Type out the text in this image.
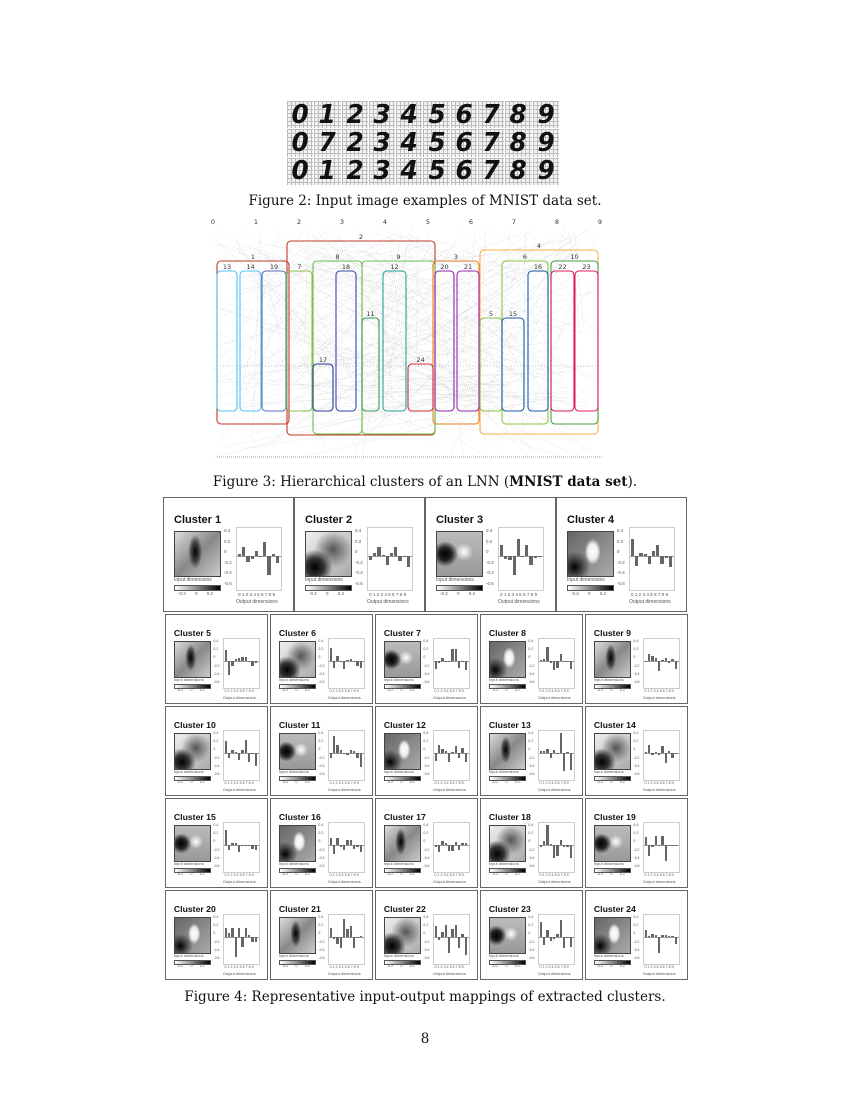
0 1 2 3 4 5 6 7 8 9
0 7 2 3 4 5 6 7 8 9
0 1 2 3 4 5 6 7 8 9
Figure 2: Input image examples of MNIST data set.
0	1	2	3	4	5	6	7	8	9
2
4
1	8	9	3	6	10
13 14 19	7	18	12	20 21	16 22 23
11	5 15
17	24
Figure 3: Hierarchical clusters of an LNN (MNIST data set).
Cluster 1
Input dimensions
-0.2 0 0.2
0.4
0.2
0
-0.2
-0.4
-0.6
0 1 2 3 4 5 6 7 8 9
Output dimensions
Cluster 2
Input dimensions
-0.2 0 0.2
0.4
0.2
0
-0.2
-0.4
-0.6
0 1 2 3 4 5 6 7 8 9
Output dimensions
Cluster 3
Input dimensions
-0.2 0 0.2
0.4
0.2
0
-0.2
-0.4
-0.6
0 1 2 3 4 5 6 7 8 9
Output dimensions
Cluster 4
Input dimensions
-0.2 0 0.2
0.4
0.2
0
-0.2
-0.4
-0.6
0 1 2 3 4 5 6 7 8 9
Output dimensions
Cluster 5
Input dimensions
-0.2 0 0.2
0.4
0.2
0
-0.2
-0.4
-0.6
0 1 2 3 4 5 6 7 8 9
Output dimensions
Cluster 6
Input dimensions
-0.2 0 0.2
0.4
0.2
0
-0.2
-0.4
-0.6
0 1 2 3 4 5 6 7 8 9
Output dimensions
Cluster 7
Input dimensions
-0.2 0 0.2
0.4
0.2
0
-0.2
-0.4
-0.6
0 1 2 3 4 5 6 7 8 9
Output dimensions
Cluster 8
Input dimensions
-0.2 0 0.2
0.4
0.2
0
-0.2
-0.4
-0.6
0 1 2 3 4 5 6 7 8 9
Output dimensions
Cluster 9
Input dimensions
-0.2 0 0.2
0.4
0.2
0
-0.2
-0.4
-0.6
0 1 2 3 4 5 6 7 8 9
Output dimensions
Cluster 10
Input dimensions
-0.2 0 0.2
0.4
0.2
0
-0.2
-0.4
-0.6
0 1 2 3 4 5 6 7 8 9
Output dimensions
Cluster 11
Input dimensions
-0.2 0 0.2
0.4
0.2
0
-0.2
-0.4
-0.6
0 1 2 3 4 5 6 7 8 9
Output dimensions
Cluster 12
Input dimensions
-0.2 0 0.2
0.4
0.2
0
-0.2
-0.4
-0.6
0 1 2 3 4 5 6 7 8 9
Output dimensions
Cluster 13
Input dimensions
-0.2 0 0.2
0.4
0.2
0
-0.2
-0.4
-0.6
0 1 2 3 4 5 6 7 8 9
Output dimensions
Cluster 14
Input dimensions
-0.2 0 0.2
0.4
0.2
0
-0.2
-0.4
-0.6
0 1 2 3 4 5 6 7 8 9
Output dimensions
Cluster 15
Input dimensions
-0.2 0 0.2
0.4
0.2
0
-0.2
-0.4
-0.6
0 1 2 3 4 5 6 7 8 9
Output dimensions
Cluster 16
Input dimensions
-0.2 0 0.2
0.4
0.2
0
-0.2
-0.4
-0.6
0 1 2 3 4 5 6 7 8 9
Output dimensions
Cluster 17
Input dimensions
-0.2 0 0.2
0.4
0.2
0
-0.2
-0.4
-0.6
0 1 2 3 4 5 6 7 8 9
Output dimensions
Cluster 18
Input dimensions
-0.2 0 0.2
0.4
0.2
0
-0.2
-0.4
-0.6
0 1 2 3 4 5 6 7 8 9
Output dimensions
Cluster 19
Input dimensions
-0.2 0 0.2
0.4
0.2
0
-0.2
-0.4
-0.6
0 1 2 3 4 5 6 7 8 9
Output dimensions
Cluster 20
Input dimensions
-0.2 0 0.2
0.4
0.2
0
-0.2
-0.4
-0.6
0 1 2 3 4 5 6 7 8 9
Output dimensions
Cluster 21
Input dimensions
-0.2 0 0.2
0.4
0.2
0
-0.2
-0.4
-0.6
0 1 2 3 4 5 6 7 8 9
Output dimensions
Cluster 22
Input dimensions
-0.2 0 0.2
0.4
0.2
0
-0.2
-0.4
-0.6
0 1 2 3 4 5 6 7 8 9
Output dimensions
Cluster 23
Input dimensions
-0.2 0 0.2
0.4
0.2
0
-0.2
-0.4
-0.6
0 1 2 3 4 5 6 7 8 9
Output dimensions
Cluster 24
Input dimensions
-0.2 0 0.2
0.4
0.2
0
-0.2
-0.4
-0.6
0 1 2 3 4 5 6 7 8 9
Output dimensions
Figure 4: Representative input-output mappings of extracted clusters.
8
